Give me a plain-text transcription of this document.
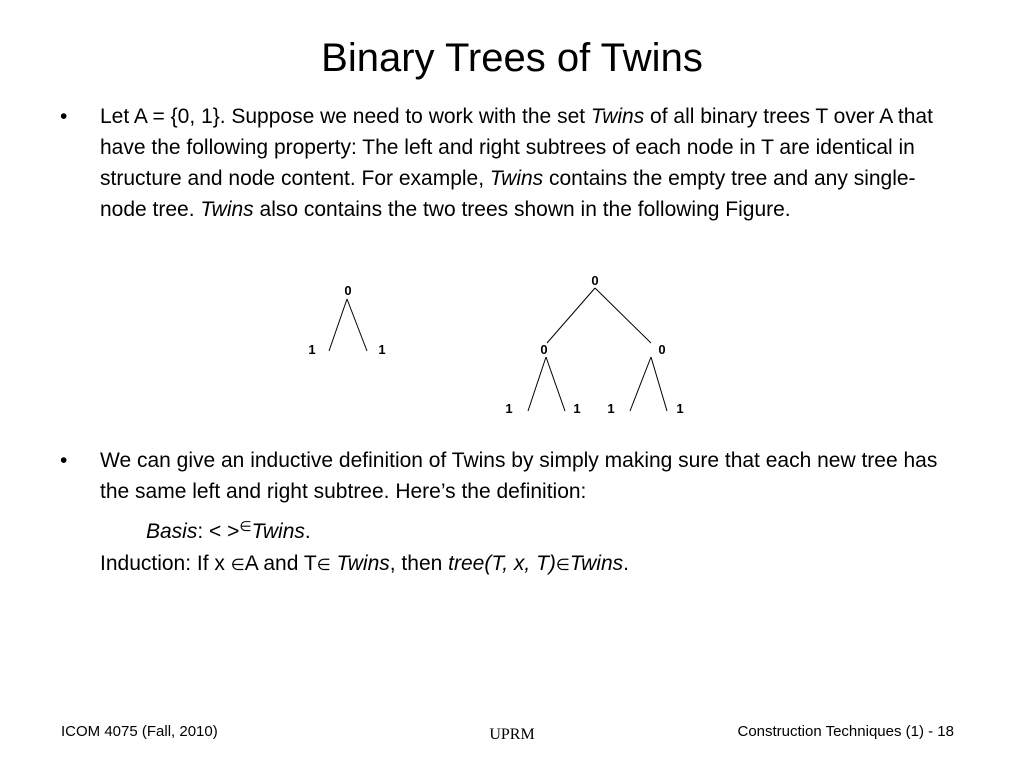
Binary Trees of Twins
• Let A = {0, 1}. Suppose we need to work with the set Twins of all binary trees T over A that have the following property: The left and right subtrees of each node in T are identical in structure and node content. For example, Twins contains the empty tree and any single-node tree. Twins also contains the two trees shown in the following Figure.
0
1	1
0
0	0
1	1 1	1
• We can give an inductive definition of Twins by simply making sure that each new tree has the same left and right subtree. Here’s the definition:
Basis: < >∈Twins.
Induction: If x ∈A and T∈ Twins, then tree(T, x, T)∈Twins.
ICOM 4075 (Fall, 2010)	UPRM	Construction Techniques (1) - 18
